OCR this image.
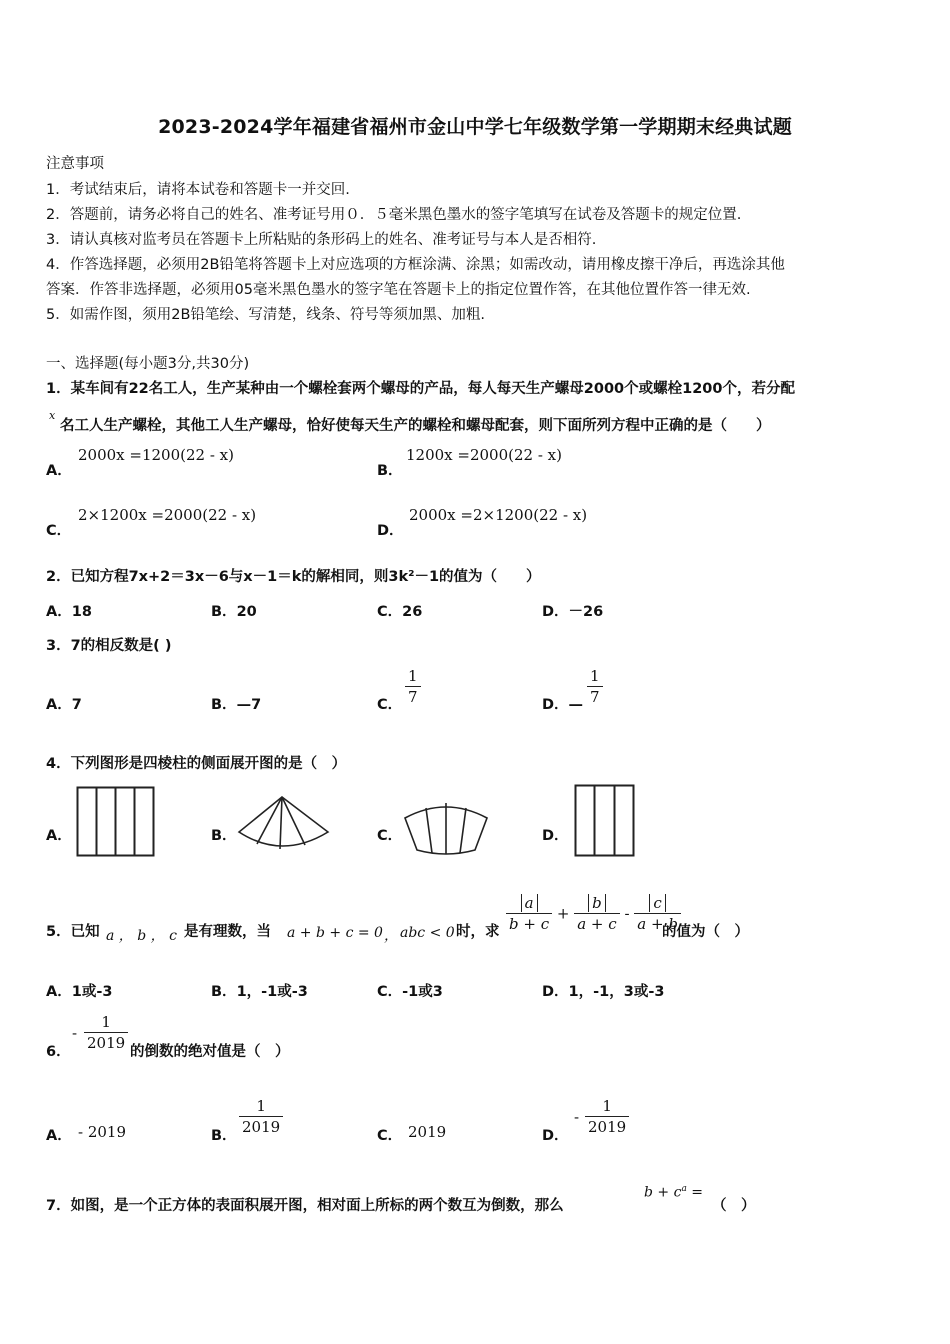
2023-2024学年福建省福州市金山中学七年级数学第一学期期末经典试题
注意事项
1．考试结束后，请将本试卷和答题卡一并交回.
2．答题前，请务必将自己的姓名、准考证号用０．５毫米黑色墨水的签字笔填写在试卷及答题卡的规定位置.
3．请认真核对监考员在答题卡上所粘贴的条形码上的姓名、准考证号与本人是否相符.
4．作答选择题，必须用2B铅笔将答题卡上对应选项的方框涂满、涂黑；如需改动，请用橡皮擦干净后，再选涂其他
答案．作答非选择题，必须用05毫米黑色墨水的签字笔在答题卡上的指定位置作答，在其他位置作答一律无效.
5．如需作图，须用2B铅笔绘、写清楚，线条、符号等须加黑、加粗.
一、选择题(每小题3分,共30分)
1．某车间有22名工人，生产某种由一个螺栓套两个螺母的产品，每人每天生产螺母2000个或螺栓1200个，若分配
x
名工人生产螺栓，其他工人生产螺母，恰好使每天生产的螺栓和螺母配套，则下面所列方程中正确的是（　　）
A．
2000x =1200(22 - x)
B．
1200x =2000(22 - x)
C．
2×1200x =2000(22 - x)
D．
2000x =2×1200(22 - x)
2．已知方程7x+2＝3x－6与x－1＝k的解相同，则3k²－1的值为（　　）
A．18	B．20	C．26	D．－26
3．7的相反数是( )
A．7	B．—7	C． $\frac{1}{7}$	D．— $\frac{1}{7}$
4．下列图形是四棱柱的侧面展开图的是（　）
A．	B．	C．	D．
5．已知 a ， b ， c 是有理数，当 a + b + c = 0 ， abc < 0 时，求 $\frac{a}{b + c} + \frac{b}{a + c} - \frac{c}{a + b}$
的值为（　）
A．1或-3	B．1，-1或-3	C．-1或3	D．1，-1，3或-3
6．
- $\frac{1}{2019}$ 的倒数的绝对值是（　）
A． - 2019	B． $\frac{1}{2019}$	C． 2019	D．
- $\frac{1}{2019}$
7．如图，是一个正方体的表面积展开图，相对面上所标的两个数互为倒数，那么
$b + c^a$ =
（　）
